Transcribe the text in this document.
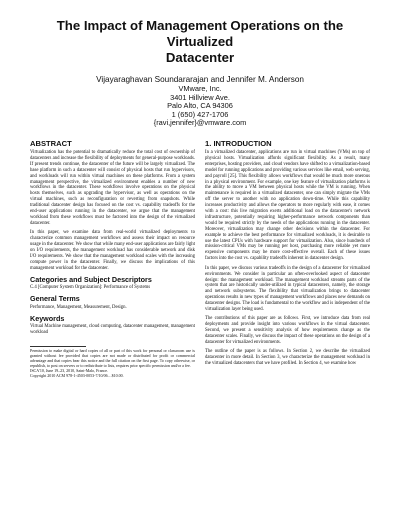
The Impact of Management Operations on the Virtualized
Datacenter
Vijayaraghavan Soundararajan and Jennifer M. Anderson
VMware, Inc.
3401 Hillview Ave.
Palo Alto, CA 94306
1 (650) 427-1706
{ravi,jennifer}@vmware.com
ABSTRACT

Virtualization has the potential to dramatically reduce the total cost of ownership of datacenters and increase the flexibility of deployments for general-purpose workloads. If present trends continue, the datacenter of the future will be largely virtualized. The base platform in such a datacenter will consist of physical hosts that run hypervisors, and workloads will run within virtual machines on these platforms. From a system management perspective, the virtualized environment enables a number of new workflows in the datacenter. These workflows involve operations on the physical hosts themselves, such as upgrading the hypervisor, as well as operations on the virtual machines, such as reconfiguration or reverting from snapshots. While traditional datacenter design has focused on the cost vs. capability tradeoffs for the end-user applications running in the datacenter, we argue that the management workload from these workflows must be factored into the design of the virtualized datacenter.

In this paper, we examine data from real-world virtualized deployments to characterize common management workflows and assess their impact on resource usage in the datacenter. We show that while many end-user applications are fairly light on I/O requirements, the management workload has considerable network and disk I/O requirements. We show that the management workload scales with the increasing compute power in the datacenter. Finally, we discuss the implications of this management workload for the datacenter.

Categories and Subject Descriptors

C.4 [Computer System Organization]: Performance of Systems

General Terms

Performance, Management, Measurement, Design.

Keywords

Virtual Machine management, cloud computing, datacenter management, management workload

Permission to make digital or hard copies of all or part of this work for personal or classroom use is granted without fee provided that copies are not made or distributed for profit or commercial advantage and that copies bear this notice and the full citation on the first page. To copy otherwise, or republish, to post on servers or to redistribute to lists, requires prior specific permission and/or a fee.

ISCA'10, June 19–23, 2010, Saint-Malo, France.

Copyright 2010 ACM 978-1-4503-0053-7/10/06…$10.00.

1. INTRODUCTION

In a virtualized datacenter, applications are run in virtual machines (VMs) on top of physical hosts. Virtualization affords significant flexibility. As a result, many enterprises, hosting providers, and cloud vendors have shifted to a virtualization-based model for running applications and providing various services like email, web serving, and payroll [25]. This flexibility allows workflows that would be much more onerous in a physical environment. For example, one key feature of virtualization platforms is the ability to move a VM between physical hosts while the VM is running. When maintenance is required in a virtualized datacenter, one can simply migrate the VMs off the server to another with no application down-time. While this capability increases productivity and allows the operators to more regularly with ease, it comes with a cost: this live migration exerts additional load on the datacenter's network infrastructure, potentially requiring higher-performance network components than would be required strictly by the needs of the applications running in the datacenter. Moreover, virtualization may change other decisions within the datacenter. For example to achieve the best performance for virtualized workloads, it is desirable to use the latest CPUs with hardware support for virtualization. Also, since hundreds of mission-critical VMs may be running per host, purchasing more reliable yet more expensive components may be more cost-effective overall. Each of these issues factors into the cost vs. capability tradeoffs inherent in datacenter design.

In this paper, we discuss various tradeoffs in the design of a datacenter for virtualized environments. We consider in particular an often-overlooked aspect of datacenter design: the management workload. The management workload streams parts of the system that are historically under-utilized in typical datacenters, namely, the storage and network subsystems. The flexibility that virtualization brings to datacenter operations results in new types of management workflows and places new demands on datacenter designs. The load is fundamental to the workflow and is independent of the virtualization layer being used.

The contributions of this paper are as follows. First, we introduce data from real deployments and provide insight into various workflows in the virtual datacenter. Second, we present a sensitivity analysis of how requirements change as the datacenter scales. Finally, we discuss the impact of these operations on the design of a datacenter for virtualized environments.

The outline of the paper is as follows. In Section 2, we describe the virtualized datacenter in more detail. In Section 3, we characterize the management workload in the virtualized datacenters that we have profiled. In Section 4, we examine how
